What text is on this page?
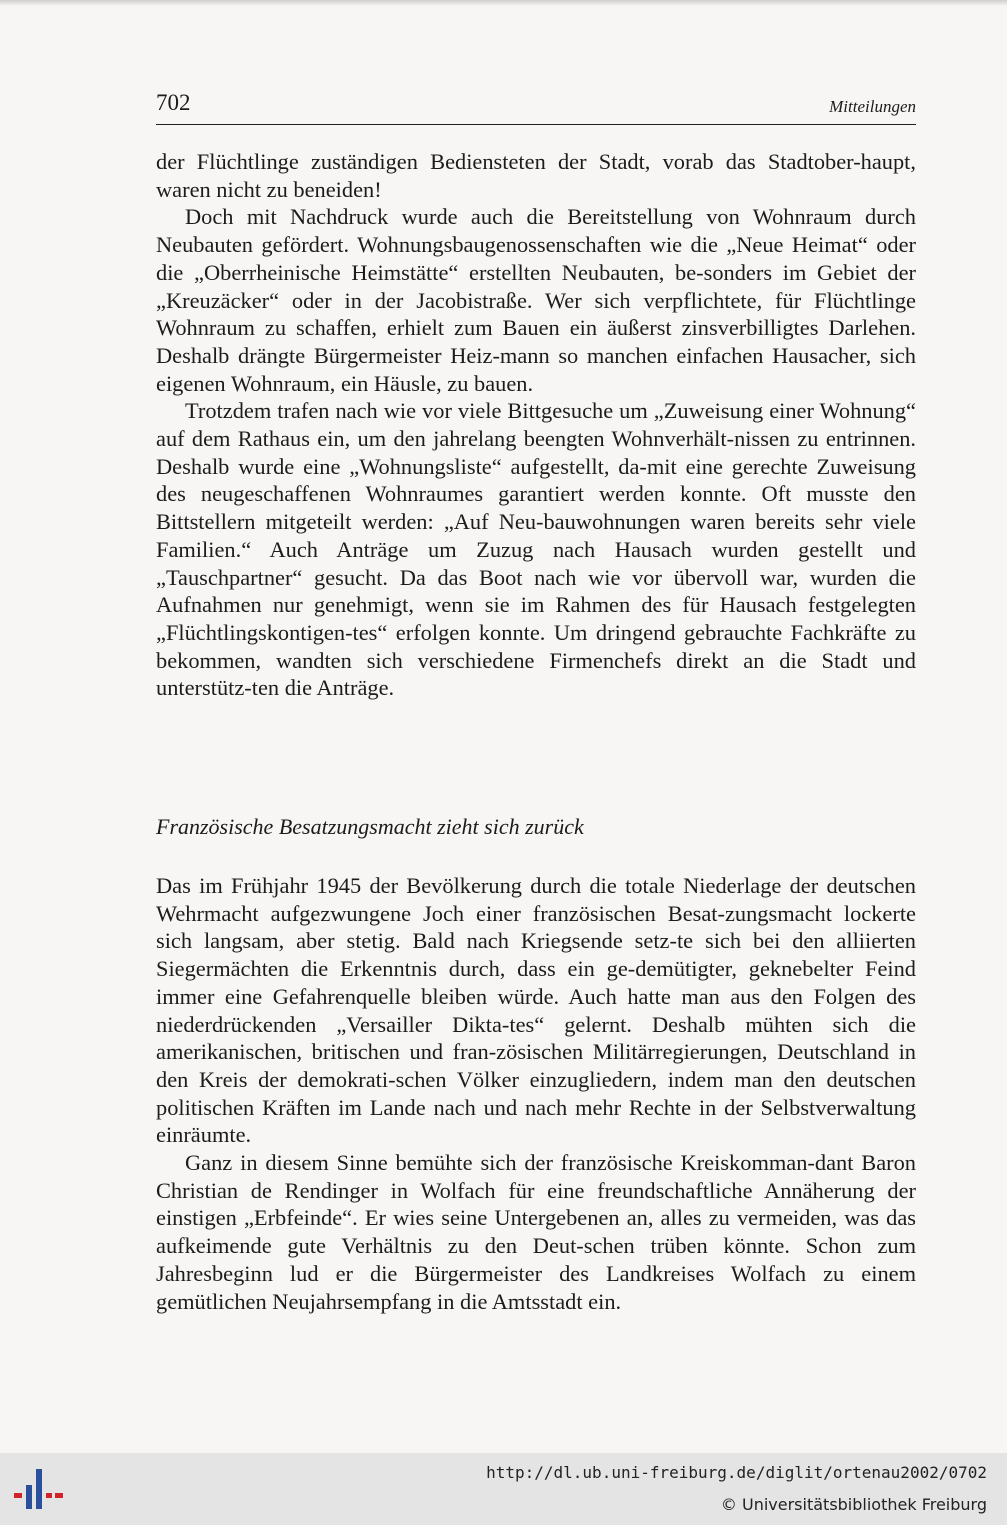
702	Mitteilungen

der Flüchtlinge zuständigen Bediensteten der Stadt, vorab das Stadtober-haupt, waren nicht zu beneiden!

Doch mit Nachdruck wurde auch die Bereitstellung von Wohnraum durch Neubauten gefördert. Wohnungsbaugenossenschaften wie die „Neue Heimat“ oder die „Oberrheinische Heimstätte“ erstellten Neubauten, be-sonders im Gebiet der „Kreuzäcker“ oder in der Jacobistraße. Wer sich verpflichtete, für Flüchtlinge Wohnraum zu schaffen, erhielt zum Bauen ein äußerst zinsverbilligtes Darlehen. Deshalb drängte Bürgermeister Heiz-mann so manchen einfachen Hausacher, sich eigenen Wohnraum, ein Häusle, zu bauen.

Trotzdem trafen nach wie vor viele Bittgesuche um „Zuweisung einer Wohnung“ auf dem Rathaus ein, um den jahrelang beengten Wohnverhält-nissen zu entrinnen. Deshalb wurde eine „Wohnungsliste“ aufgestellt, da-mit eine gerechte Zuweisung des neugeschaffenen Wohnraumes garantiert werden konnte. Oft musste den Bittstellern mitgeteilt werden: „Auf Neu-bauwohnungen waren bereits sehr viele Familien.“ Auch Anträge um Zuzug nach Hausach wurden gestellt und „Tauschpartner“ gesucht. Da das Boot nach wie vor übervoll war, wurden die Aufnahmen nur genehmigt, wenn sie im Rahmen des für Hausach festgelegten „Flüchtlingskontigen-tes“ erfolgen konnte. Um dringend gebrauchte Fachkräfte zu bekommen, wandten sich verschiedene Firmenchefs direkt an die Stadt und unterstütz-ten die Anträge.

Französische Besatzungsmacht zieht sich zurück

Das im Frühjahr 1945 der Bevölkerung durch die totale Niederlage der deutschen Wehrmacht aufgezwungene Joch einer französischen Besat-zungsmacht lockerte sich langsam, aber stetig. Bald nach Kriegsende setz-te sich bei den alliierten Siegermächten die Erkenntnis durch, dass ein ge-demütigter, geknebelter Feind immer eine Gefahrenquelle bleiben würde. Auch hatte man aus den Folgen des niederdrückenden „Versailler Dikta-tes“ gelernt. Deshalb mühten sich die amerikanischen, britischen und fran-zösischen Militärregierungen, Deutschland in den Kreis der demokrati-schen Völker einzugliedern, indem man den deutschen politischen Kräften im Lande nach und nach mehr Rechte in der Selbstverwaltung einräumte.

Ganz in diesem Sinne bemühte sich der französische Kreiskomman-dant Baron Christian de Rendinger in Wolfach für eine freundschaftliche Annäherung der einstigen „Erbfeinde“. Er wies seine Untergebenen an, alles zu vermeiden, was das aufkeimende gute Verhältnis zu den Deut-schen trüben könnte. Schon zum Jahresbeginn lud er die Bürgermeister des Landkreises Wolfach zu einem gemütlichen Neujahrsempfang in die Amtsstadt ein.

http://dl.ub.uni-freiburg.de/diglit/ortenau2002/0702
© Universitätsbibliothek Freiburg
